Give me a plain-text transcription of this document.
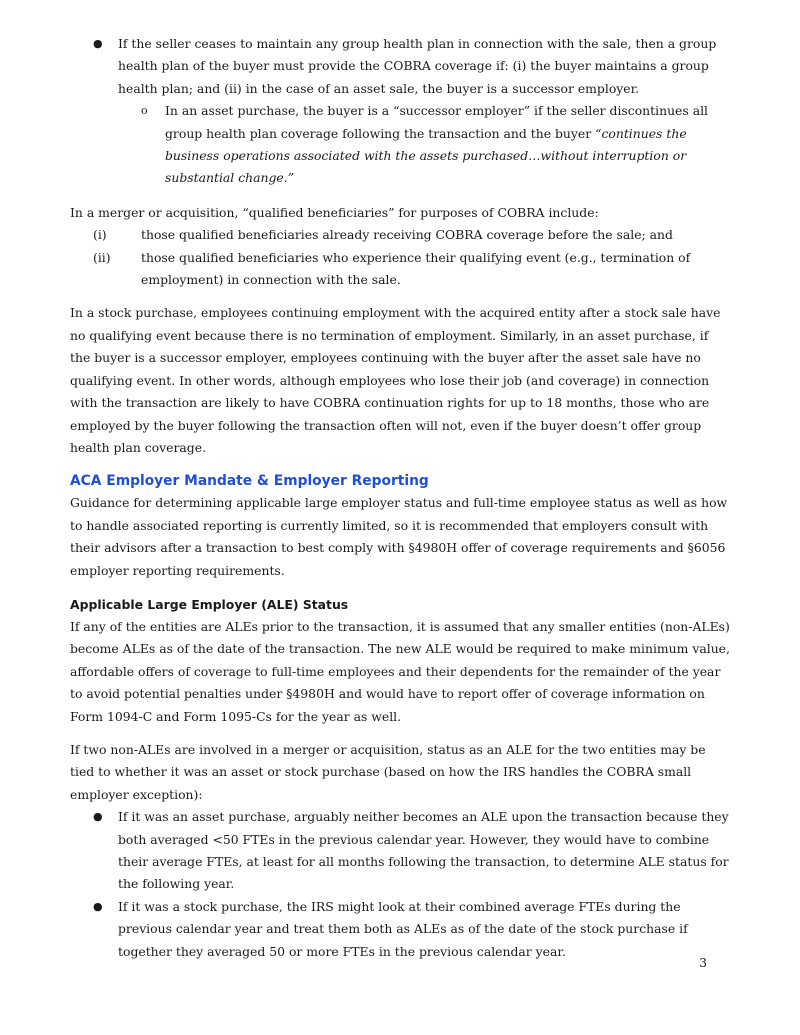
● If the seller ceases to maintain any group health plan in connection with the sale, then a group health plan of the buyer must provide the COBRA coverage if: (i) the buyer maintains a group health plan; and (ii) in the case of an asset sale, the buyer is a successor employer.

o In an asset purchase, the buyer is a “successor employer” if the seller discontinues all group health plan coverage following the transaction and the buyer “continues the business operations associated with the assets purchased…without interruption or substantial change.”

In a merger or acquisition, “qualified beneficiaries” for purposes of COBRA include:

(i)	those qualified beneficiaries already receiving COBRA coverage before the sale; and

(ii) those qualified beneficiaries who experience their qualifying event (e.g., termination of employment) in connection with the sale.

In a stock purchase, employees continuing employment with the acquired entity after a stock sale have no qualifying event because there is no termination of employment. Similarly, in an asset purchase, if the buyer is a successor employer, employees continuing with the buyer after the asset sale have no qualifying event. In other words, although employees who lose their job (and coverage) in connection with the transaction are likely to have COBRA continuation rights for up to 18 months, those who are employed by the buyer following the transaction often will not, even if the buyer doesn’t offer group health plan coverage.

ACA Employer Mandate & Employer Reporting

Guidance for determining applicable large employer status and full-time employee status as well as how to handle associated reporting is currently limited, so it is recommended that employers consult with their advisors after a transaction to best comply with §4980H offer of coverage requirements and §6056 employer reporting requirements.

Applicable Large Employer (ALE) Status

If any of the entities are ALEs prior to the transaction, it is assumed that any smaller entities (non-ALEs) become ALEs as of the date of the transaction. The new ALE would be required to make minimum value, affordable offers of coverage to full-time employees and their dependents for the remainder of the year to avoid potential penalties under §4980H and would have to report offer of coverage information on Form 1094-C and Form 1095-Cs for the year as well.

If two non-ALEs are involved in a merger or acquisition, status as an ALE for the two entities may be tied to whether it was an asset or stock purchase (based on how the IRS handles the COBRA small employer exception):

● If it was an asset purchase, arguably neither becomes an ALE upon the transaction because they both averaged <50 FTEs in the previous calendar year. However, they would have to combine their average FTEs, at least for all months following the transaction, to determine ALE status for the following year.

● If it was a stock purchase, the IRS might look at their combined average FTEs during the previous calendar year and treat them both as ALEs as of the date of the stock purchase if together they averaged 50 or more FTEs in the previous calendar year.

3
